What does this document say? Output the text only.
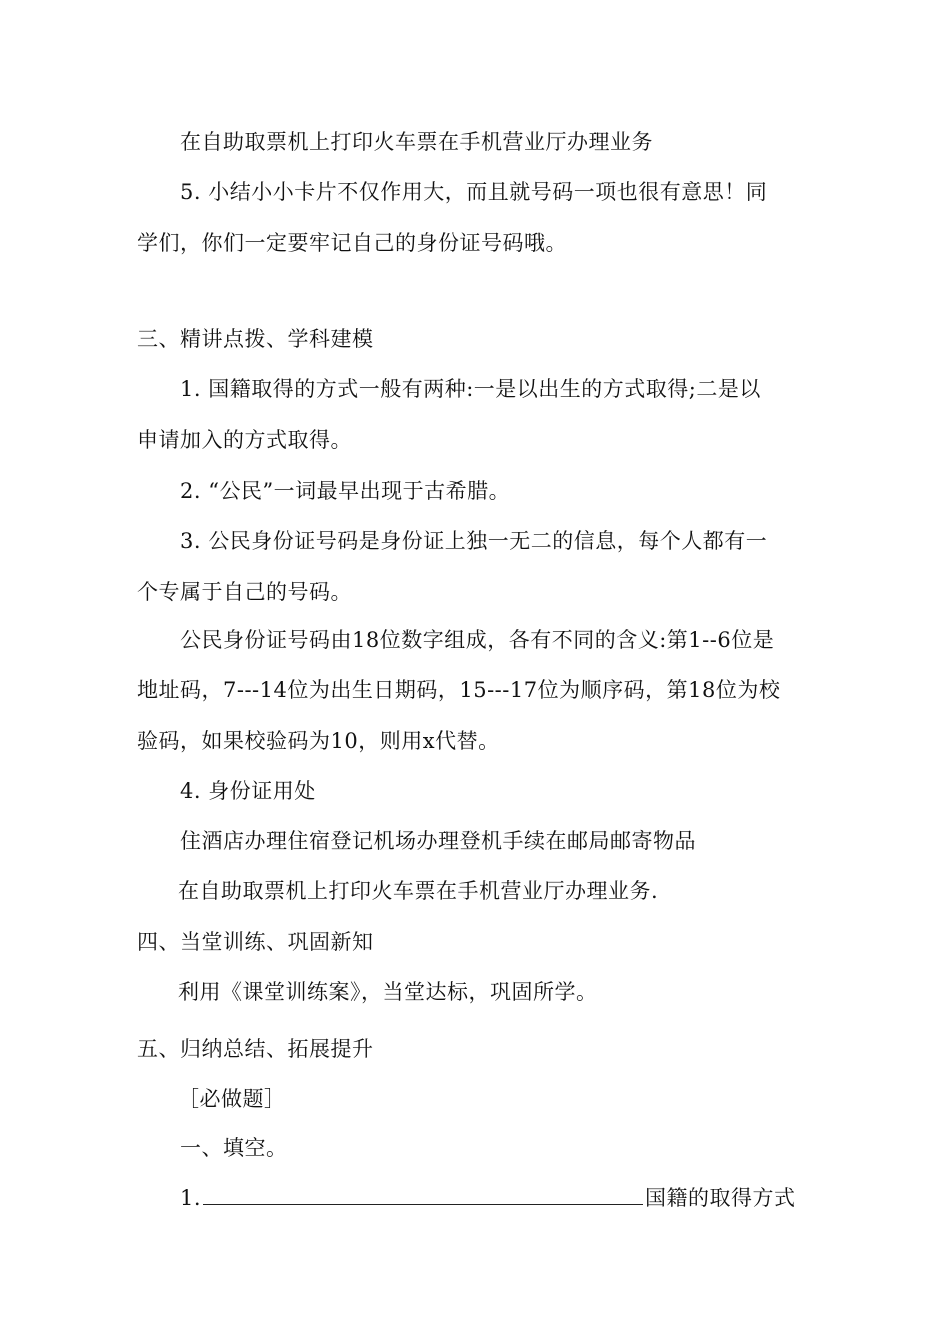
在自助取票机上打印火车票在手机营业厅办理业务
5. 小结小小卡片不仅作用大，而且就号码一项也很有意思！同
学们，你们一定要牢记自己的身份证号码哦。
三、精讲点拨、学科建模
1. 国籍取得的方式一般有两种:一是以出生的方式取得;二是以
申请加入的方式取得。
2. “公民”一词最早出现于古希腊。
3. 公民身份证号码是身份证上独一无二的信息，每个人都有一
个专属于自己的号码。
公民身份证号码由18位数字组成，各有不同的含义:第1--6位是
地址码，7---14位为出生日期码，15---17位为顺序码，第18位为校
验码，如果校验码为10，则用x代替。
4. 身份证用处
住酒店办理住宿登记机场办理登机手续在邮局邮寄物品
在自助取票机上打印火车票在手机营业厅办理业务.
四、当堂训练、巩固新知
利用《课堂训练案》，当堂达标，巩固所学。
五、归纳总结、拓展提升
［必做题］
一、填空。
1.	国籍的取得方式
